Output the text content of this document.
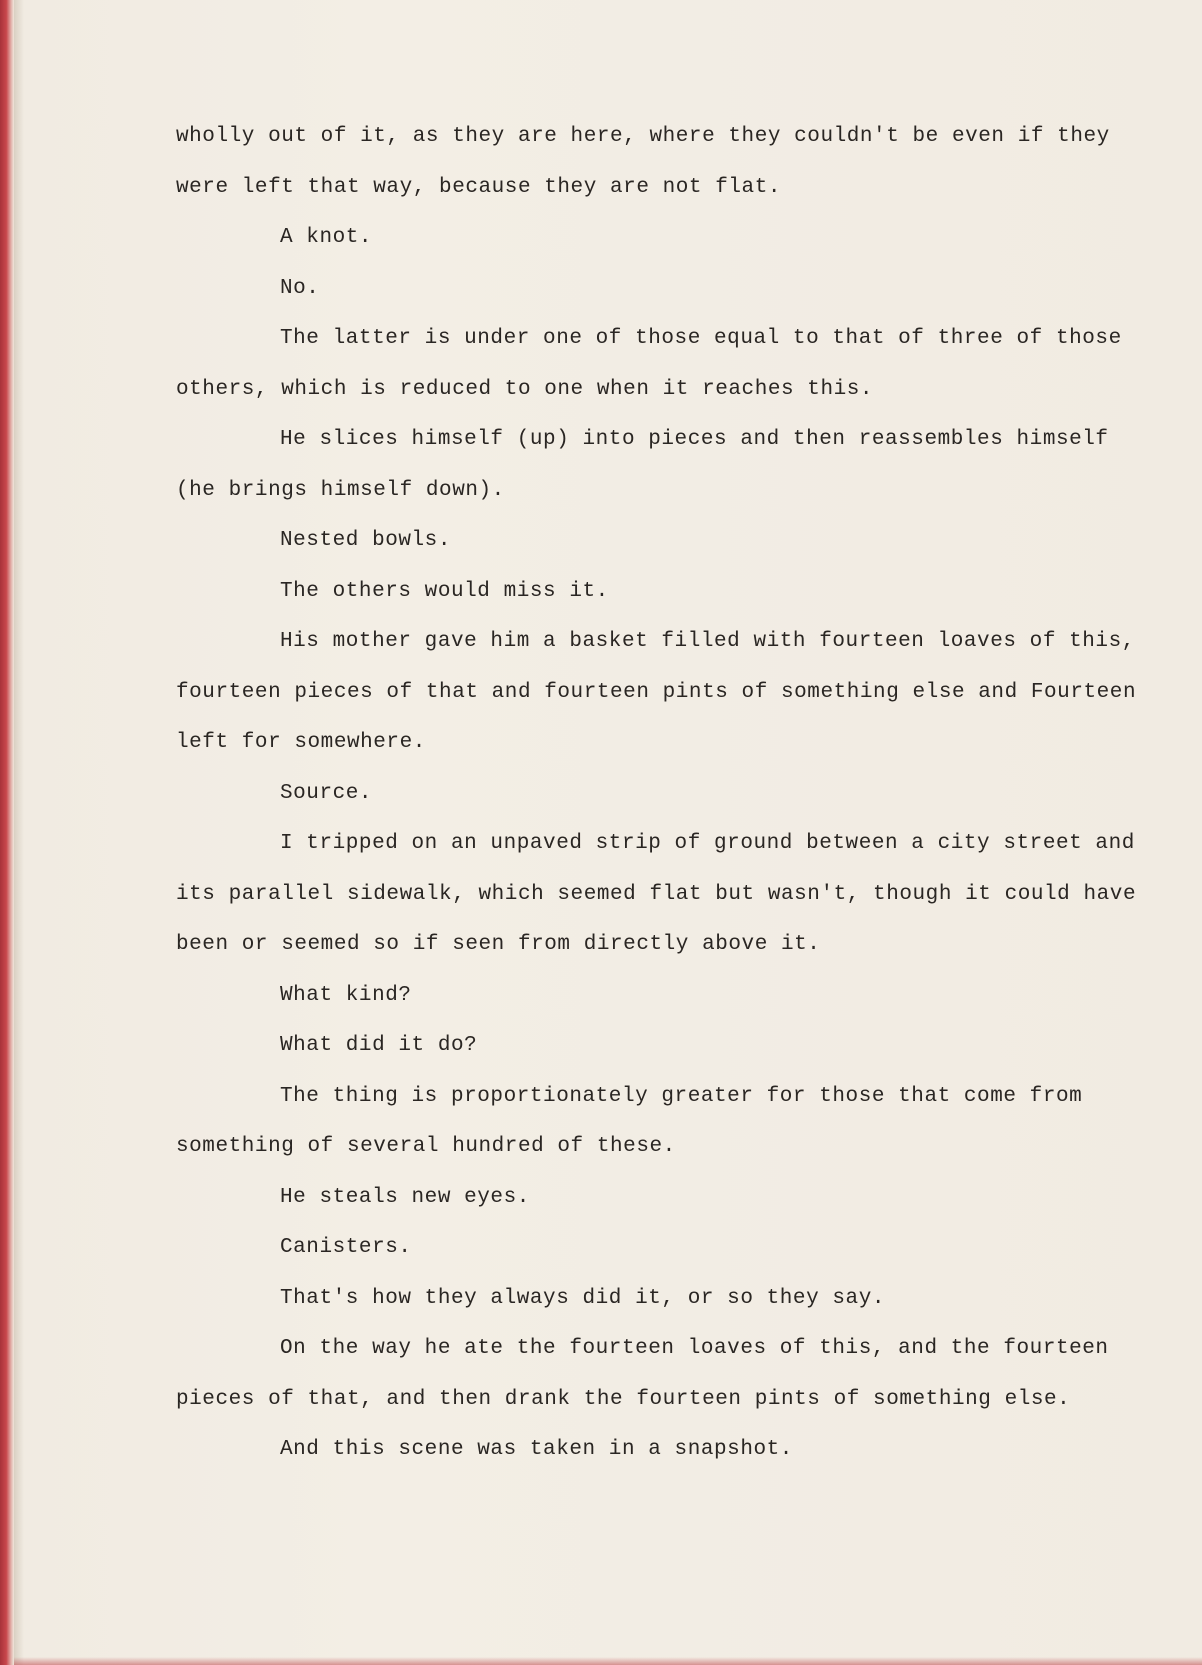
wholly out of it, as they are here, where they couldn't be even if they were left that way, because they are not flat.

A knot.

No.

The latter is under one of those equal to that of three of those others, which is reduced to one when it reaches this.

He slices himself (up) into pieces and then reassembles himself (he brings himself down).

Nested bowls.

The others would miss it.

His mother gave him a basket filled with fourteen loaves of this, fourteen pieces of that and fourteen pints of something else and Fourteen left for somewhere.

Source.

I tripped on an unpaved strip of ground between a city street and its parallel sidewalk, which seemed flat but wasn't, though it could have been or seemed so if seen from directly above it.

What kind?

What did it do?

The thing is proportionately greater for those that come from something of several hundred of these.

He steals new eyes.

Canisters.

That's how they always did it, or so they say.

On the way he ate the fourteen loaves of this, and the fourteen pieces of that, and then drank the fourteen pints of something else.

And this scene was taken in a snapshot.
